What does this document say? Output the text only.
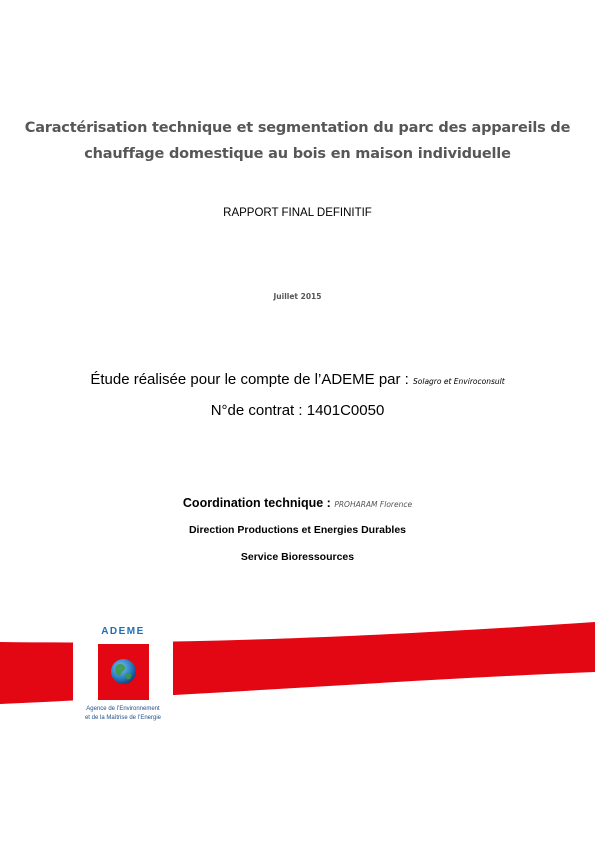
Caractérisation technique et segmentation du parc des appareils de
chauffage domestique au bois en maison individuelle
RAPPORT FINAL DEFINITIF
Juillet 2015
Étude réalisée pour le compte de l’ADEME par : Solagro et Enviroconsult
N°de contrat : 1401C0050
Coordination technique : PROHARAM Florence
Direction Productions et Energies Durables
Service Bioressources
ADEME
Agence de l’Environnement
et de la Maîtrise de l’Energie
